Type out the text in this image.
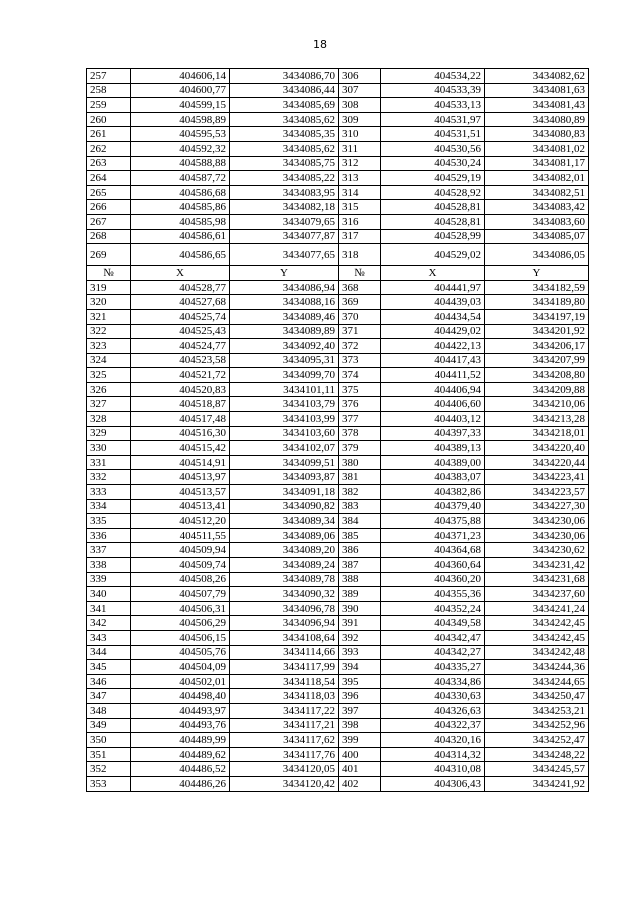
18
257	404606,14	3434086,70	306	404534,22	3434082,62
258	404600,77	3434086,44	307	404533,39	3434081,63
259	404599,15	3434085,69	308	404533,13	3434081,43
260	404598,89	3434085,62	309	404531,97	3434080,89
261	404595,53	3434085,35	310	404531,51	3434080,83
262	404592,32	3434085,62	311	404530,56	3434081,02
263	404588,88	3434085,75	312	404530,24	3434081,17
264	404587,72	3434085,22	313	404529,19	3434082,01
265	404586,68	3434083,95	314	404528,92	3434082,51
266	404585,86	3434082,18	315	404528,81	3434083,42
267	404585,98	3434079,65	316	404528,81	3434083,60
268	404586,61	3434077,87	317	404528,99	3434085,07
269	404586,65	3434077,65	318	404529,02	3434086,05
№	X	Y	№	X	Y
319	404528,77	3434086,94	368	404441,97	3434182,59
320	404527,68	3434088,16	369	404439,03	3434189,80
321	404525,74	3434089,46	370	404434,54	3434197,19
322	404525,43	3434089,89	371	404429,02	3434201,92
323	404524,77	3434092,40	372	404422,13	3434206,17
324	404523,58	3434095,31	373	404417,43	3434207,99
325	404521,72	3434099,70	374	404411,52	3434208,80
326	404520,83	3434101,11	375	404406,94	3434209,88
327	404518,87	3434103,79	376	404406,60	3434210,06
328	404517,48	3434103,99	377	404403,12	3434213,28
329	404516,30	3434103,60	378	404397,33	3434218,01
330	404515,42	3434102,07	379	404389,13	3434220,40
331	404514,91	3434099,51	380	404389,00	3434220,44
332	404513,97	3434093,87	381	404383,07	3434223,41
333	404513,57	3434091,18	382	404382,86	3434223,57
334	404513,41	3434090,82	383	404379,40	3434227,30
335	404512,20	3434089,34	384	404375,88	3434230,06
336	404511,55	3434089,06	385	404371,23	3434230,06
337	404509,94	3434089,20	386	404364,68	3434230,62
338	404509,74	3434089,24	387	404360,64	3434231,42
339	404508,26	3434089,78	388	404360,20	3434231,68
340	404507,79	3434090,32	389	404355,36	3434237,60
341	404506,31	3434096,78	390	404352,24	3434241,24
342	404506,29	3434096,94	391	404349,58	3434242,45
343	404506,15	3434108,64	392	404342,47	3434242,45
344	404505,76	3434114,66	393	404342,27	3434242,48
345	404504,09	3434117,99	394	404335,27	3434244,36
346	404502,01	3434118,54	395	404334,86	3434244,65
347	404498,40	3434118,03	396	404330,63	3434250,47
348	404493,97	3434117,22	397	404326,63	3434253,21
349	404493,76	3434117,21	398	404322,37	3434252,96
350	404489,99	3434117,62	399	404320,16	3434252,47
351	404489,62	3434117,76	400	404314,32	3434248,22
352	404486,52	3434120,05	401	404310,08	3434245,57
353	404486,26	3434120,42	402	404306,43	3434241,92
